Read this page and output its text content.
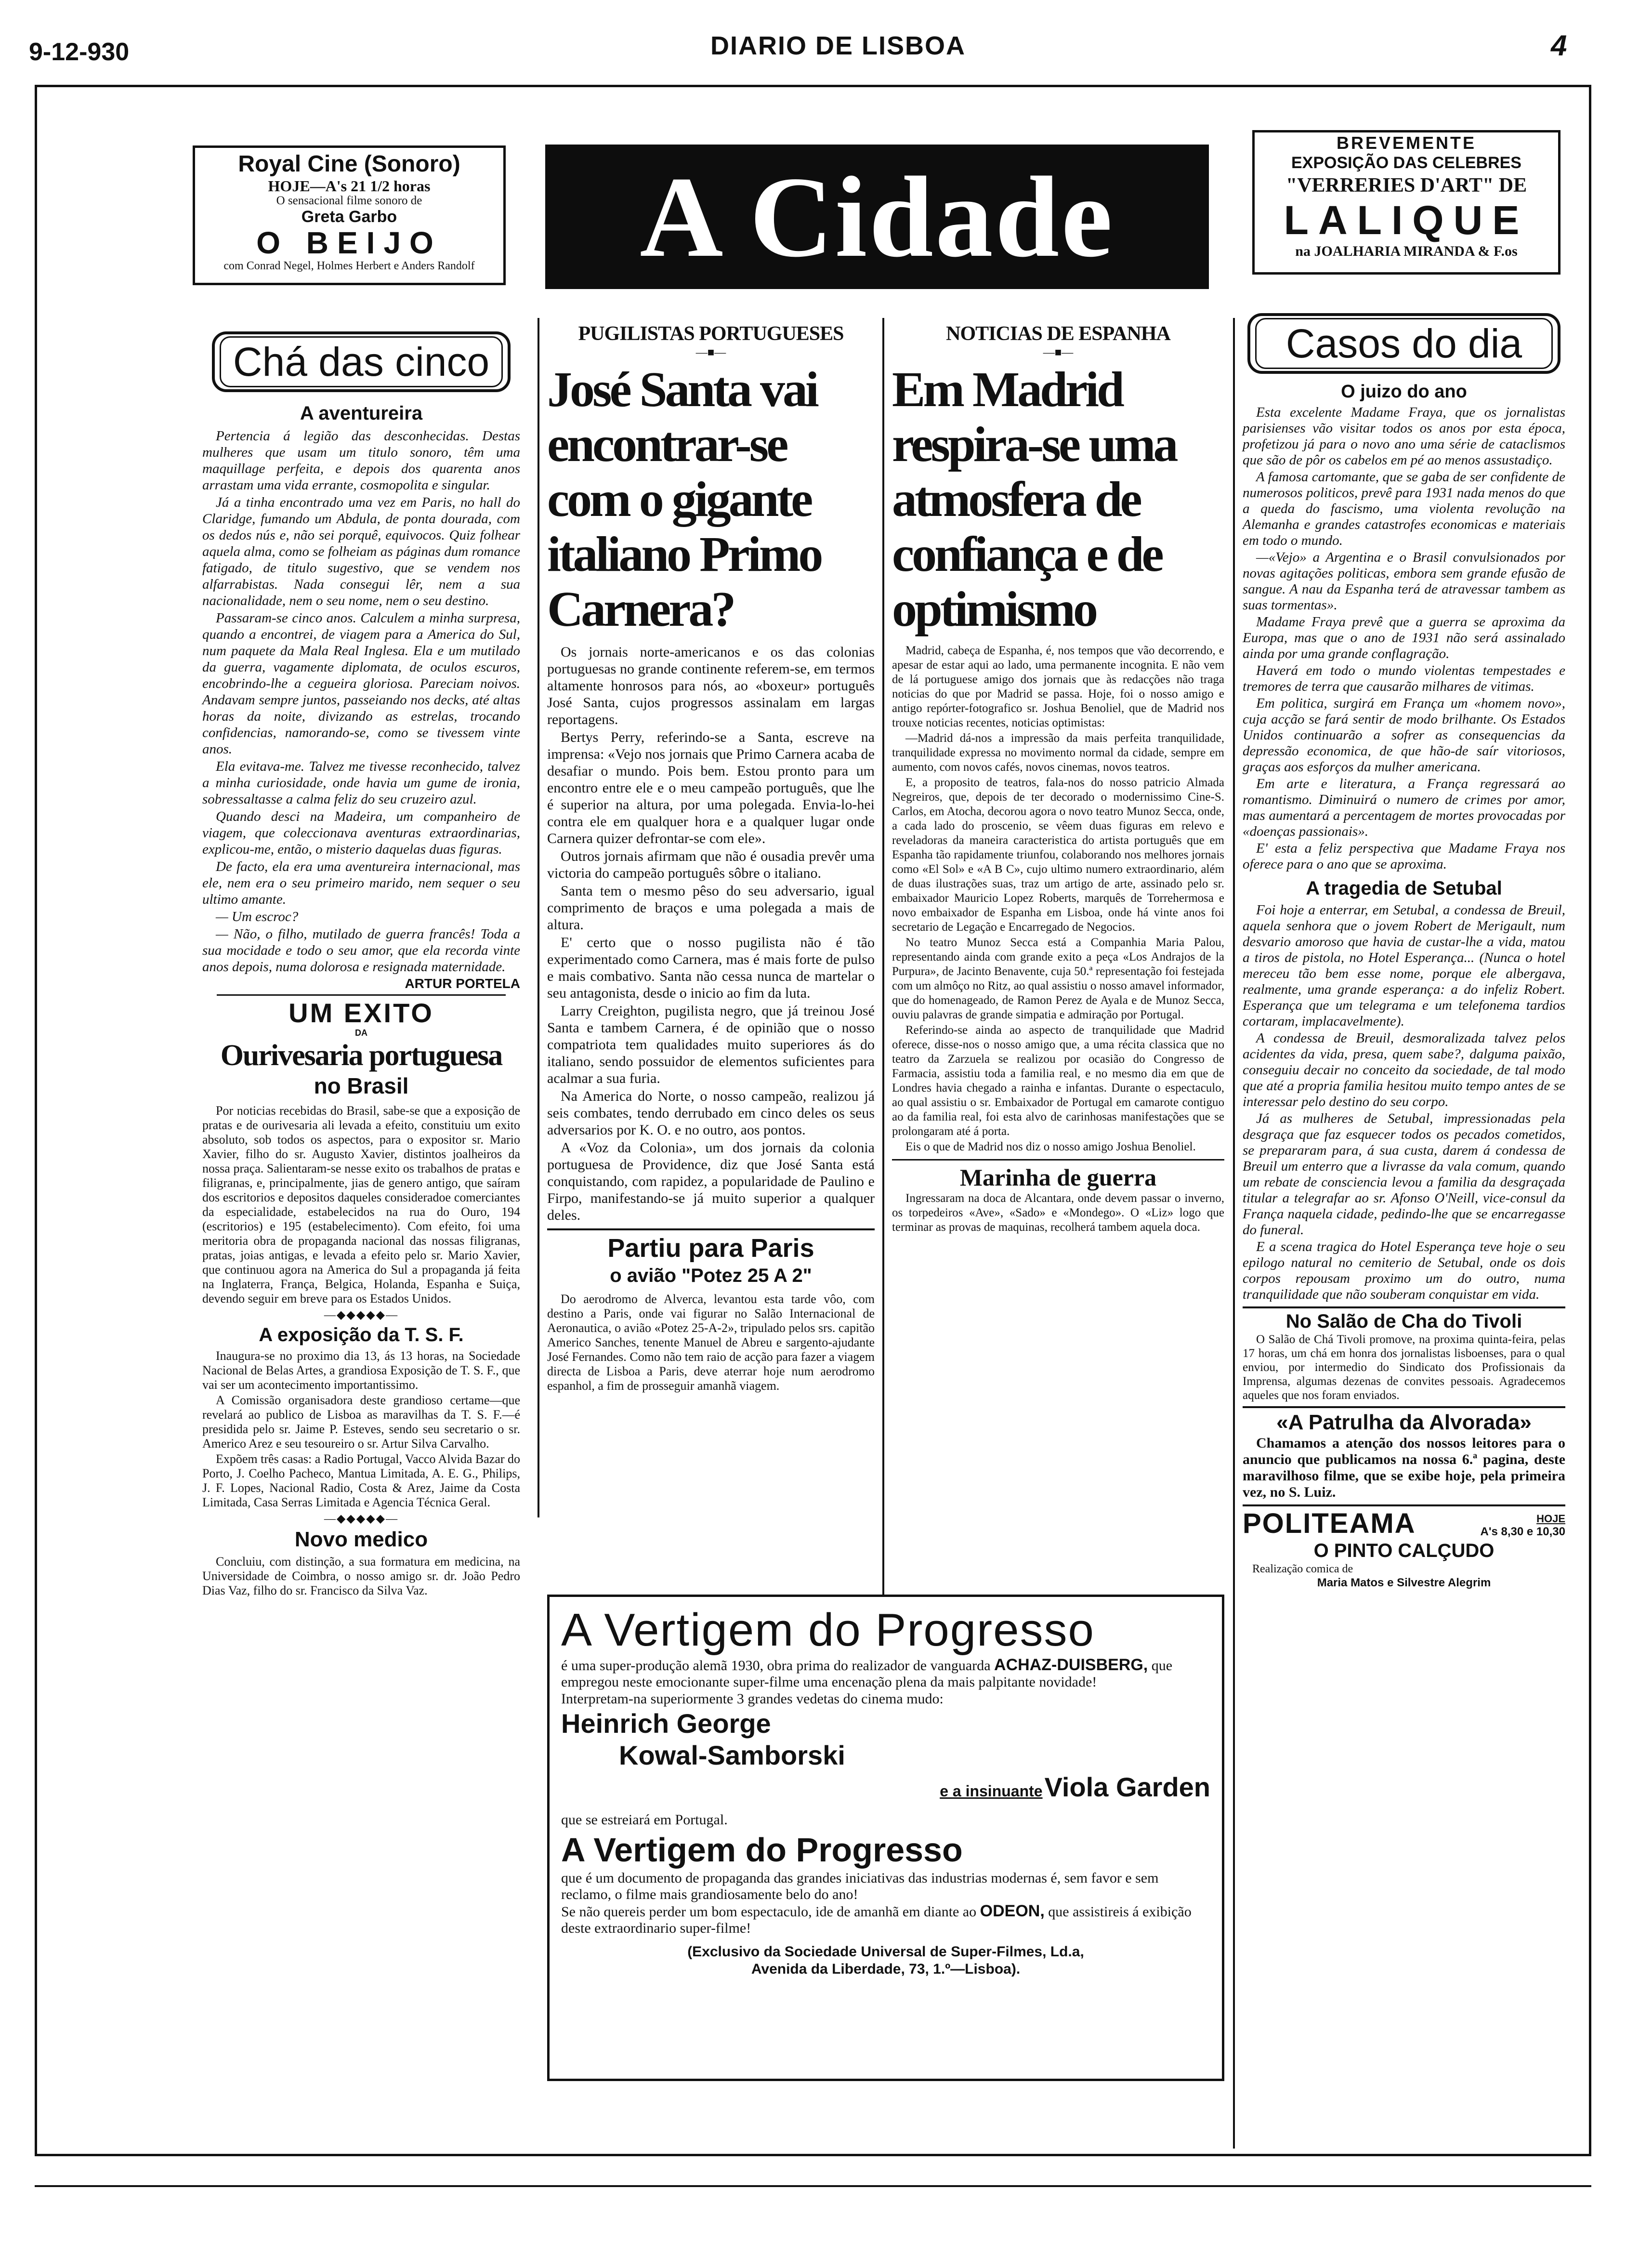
9-12-930	DIARIO DE LISBOA	4
Royal Cine (Sonoro)
HOJE—A's 21 1/2 horas
O sensacional filme sonoro de
Greta Garbo
O BEIJO
com Conrad Negel, Holmes Herbert e Anders Randolf	A Cidade
BREVEMENTE
EXPOSIÇÃO DAS CELEBRES
"VERRERIES D'ART" DE
LALIQUE
na JOALHARIA MIRANDA & F.os
Chá das cinco
A aventureira

Pertencia á legião das desconhecidas. Destas mulheres que usam um titulo sonoro, têm uma maquillage perfeita, e depois dos quarenta anos arrastam uma vida errante, cosmopolita e singular.

Já a tinha encontrado uma vez em Paris, no hall do Claridge, fumando um Abdula, de ponta dourada, com os dedos nús e, não sei porquê, equivocos. Quiz folhear aquela alma, como se folheiam as páginas dum romance fatigado, de titulo sugestivo, que se vendem nos alfarrabistas. Nada consegui lêr, nem a sua nacionalidade, nem o seu nome, nem o seu destino.

Passaram-se cinco anos. Calculem a minha surpresa, quando a encontrei, de viagem para a America do Sul, num paquete da Mala Real Inglesa. Ela e um mutilado da guerra, vagamente diplomata, de oculos escuros, encobrindo-lhe a cegueira gloriosa. Pareciam noivos. Andavam sempre juntos, passeiando nos decks, até altas horas da noite, divizando as estrelas, trocando confidencias, namorando-se, como se tivessem vinte anos.

Ela evitava-me. Talvez me tivesse reconhecido, talvez a minha curiosidade, onde havia um gume de ironia, sobressaltasse a calma feliz do seu cruzeiro azul.

Quando desci na Madeira, um companheiro de viagem, que coleccionava aventuras extraordinarias, explicou-me, então, o misterio daquelas duas figuras.

De facto, ela era uma aventureira internacional, mas ele, nem era o seu primeiro marido, nem sequer o seu ultimo amante.

— Um escroc?

— Não, o filho, mutilado de guerra francês! Toda a sua mocidade e todo o seu amor, que ela recorda vinte anos depois, numa dolorosa e resignada maternidade.

ARTUR PORTELA
UM EXITO
DA
Ourivesaria portuguesa
no Brasil

Por noticias recebidas do Brasil, sabe-se que a exposição de pratas e de ourivesaria ali levada a efeito, constituiu um exito absoluto, sob todos os aspectos, para o expositor sr. Mario Xavier, filho do sr. Augusto Xavier, distintos joalheiros da nossa praça. Salientaram-se nesse exito os trabalhos de pratas e filigranas, e, principalmente, jias de genero antigo, que saíram dos escritorios e depositos daqueles consideradoe comerciantes da especialidade, estabelecidos na rua do Ouro, 194 (escritorios) e 195 (estabelecimento). Com efeito, foi uma meritoria obra de propaganda nacional das nossas filigranas, pratas, joias antigas, e levada a efeito pelo sr. Mario Xavier, que continuou agora na America do Sul a propaganda já feita na Inglaterra, França, Belgica, Holanda, Espanha e Suiça, devendo seguir em breve para os Estados Unidos.

—◆◆◆◆◆—
A exposição da T. S. F.

Inaugura-se no proximo dia 13, ás 13 horas, na Sociedade Nacional de Belas Artes, a grandiosa Exposição de T. S. F., que vai ser um acontecimento importantissimo.

A Comissão organisadora deste grandioso certame—que revelará ao publico de Lisboa as maravilhas da T. S. F.—é presidida pelo sr. Jaime P. Esteves, sendo seu secretario o sr. Americo Arez e seu tesoureiro o sr. Artur Silva Carvalho.

Expõem três casas: a Radio Portugal, Vacco Alvida Bazar do Porto, J. Coelho Pacheco, Mantua Limitada, A. E. G., Philips, J. F. Lopes, Nacional Radio, Costa & Arez, Jaime da Costa Limitada, Casa Serras Limitada e Agencia Técnica Geral.

—◆◆◆◆◆—
Novo medico

Concluiu, com distinção, a sua formatura em medicina, na Universidade de Coimbra, o nosso amigo sr. dr. João Pedro Dias Vaz, filho do sr. Francisco da Silva Vaz.

PUGILISTAS PORTUGUESES
—■—
José Santa vai encontrar-se com o gigante italiano Primo Carnera?

Os jornais norte-americanos e os das colonias portuguesas no grande continente referem-se, em termos altamente honrosos para nós, ao «boxeur» português José Santa, cujos progressos assinalam em largas reportagens.

Bertys Perry, referindo-se a Santa, escreve na imprensa: «Vejo nos jornais que Primo Carnera acaba de desafiar o mundo. Pois bem. Estou pronto para um encontro entre ele e o meu campeão português, que lhe é superior na altura, por uma polegada. Envia-lo-hei contra ele em qualquer hora e a qualquer lugar onde Carnera quizer defrontar-se com ele».

Outros jornais afirmam que não é ousadia prevêr uma victoria do campeão português sôbre o italiano.

Santa tem o mesmo pêso do seu adversario, igual comprimento de braços e uma polegada a mais de altura.

E' certo que o nosso pugilista não é tão experimentado como Carnera, mas é mais forte de pulso e mais combativo. Santa não cessa nunca de martelar o seu antagonista, desde o inicio ao fim da luta.

Larry Creighton, pugilista negro, que já treinou José Santa e tambem Carnera, é de opinião que o nosso compatriota tem qualidades muito superiores ás do italiano, sendo possuidor de elementos suficientes para acalmar a sua furia.

Na America do Norte, o nosso campeão, realizou já seis combates, tendo derrubado em cinco deles os seus adversarios por K. O. e no outro, aos pontos.

A «Voz da Colonia», um dos jornais da colonia portuguesa de Providence, diz que José Santa está conquistando, com rapidez, a popularidade de Paulino e Firpo, manifestando-se já muito superior a qualquer deles.

Partiu para Paris
o avião "Potez 25 A 2"

Do aerodromo de Alverca, levantou esta tarde vôo, com destino a Paris, onde vai figurar no Salão Internacional de Aeronautica, o avião «Potez 25-A-2», tripulado pelos srs. capitão Americo Sanches, tenente Manuel de Abreu e sargento-ajudante José Fernandes. Como não tem raio de acção para fazer a viagem directa de Lisboa a Paris, deve aterrar hoje num aerodromo espanhol, a fim de prosseguir amanhã viagem.

NOTICIAS DE ESPANHA
—■—
Em Madrid respira-se uma atmosfera de confiança e de optimismo

Madrid, cabeça de Espanha, é, nos tempos que vão decorrendo, e apesar de estar aqui ao lado, uma permanente incognita. E não vem de lá portuguese amigo dos jornais que às redacções não traga noticias do que por Madrid se passa. Hoje, foi o nosso amigo e antigo repórter-fotografico sr. Joshua Benoliel, que de Madrid nos trouxe noticias recentes, noticias optimistas:

—Madrid dá-nos a impressão da mais perfeita tranquilidade, tranquilidade expressa no movimento normal da cidade, sempre em aumento, com novos cafés, novos cinemas, novos teatros.

E, a proposito de teatros, fala-nos do nosso patricio Almada Negreiros, que, depois de ter decorado o modernissimo Cine-S. Carlos, em Atocha, decorou agora o novo teatro Munoz Secca, onde, a cada lado do proscenio, se vêem duas figuras em relevo e reveladoras da maneira caracteristica do artista português que em Espanha tão rapidamente triunfou, colaborando nos melhores jornais como «El Sol» e «A B C», cujo ultimo numero extraordinario, além de duas ilustrações suas, traz um artigo de arte, assinado pelo sr. embaixador Mauricio Lopez Roberts, marquês de Torrehermosa e novo embaixador de Espanha em Lisboa, onde há vinte anos foi secretario de Legação e Encarregado de Negocios.

No teatro Munoz Secca está a Companhia Maria Palou, representando ainda com grande exito a peça «Los Andrajos de la Purpura», de Jacinto Benavente, cuja 50.ª representação foi festejada com um almôço no Ritz, ao qual assistiu o nosso amavel informador, que do homenageado, de Ramon Perez de Ayala e de Munoz Secca, ouviu palavras de grande simpatia e admiração por Portugal.

Referindo-se ainda ao aspecto de tranquilidade que Madrid oferece, disse-nos o nosso amigo que, a uma récita classica que no teatro da Zarzuela se realizou por ocasião do Congresso de Farmacia, assistiu toda a familia real, e no mesmo dia em que de Londres havia chegado a rainha e infantas. Durante o espectaculo, ao qual assistiu o sr. Embaixador de Portugal em camarote contiguo ao da familia real, foi esta alvo de carinhosas manifestações que se prolongaram até á porta.

Eis o que de Madrid nos diz o nosso amigo Joshua Benoliel.

Marinha de guerra

Ingressaram na doca de Alcantara, onde devem passar o inverno, os torpedeiros «Ave», «Sado» e «Mondego». O «Liz» logo que terminar as provas de maquinas, recolherá tambem aquela doca.

A Vertigem do Progresso
é uma super-produção alemã 1930, obra prima do realizador de vanguarda ACHAZ-DUISBERG, que empregou neste emocionante super-filme uma encenação plena da mais palpitante novidade!
Interpretam-na superiormente 3 grandes vedetas do cinema mudo:
Heinrich George
Kowal-Samborski
e a insinuante Viola Garden
que se estreiará em Portugal.
A Vertigem do Progresso
que é um documento de propaganda das grandes iniciativas das industrias modernas é, sem favor e sem reclamo, o filme mais grandiosamente belo do ano!
Se não quereis perder um bom espectaculo, ide de amanhã em diante ao ODEON, que assistireis á exibição deste extraordinario super-filme!
(Exclusivo da Sociedade Universal de Super-Filmes, Ld.a,
Avenida da Liberdade, 73, 1.º—Lisboa).
Casos do dia
O juizo do ano

Esta excelente Madame Fraya, que os jornalistas parisienses vão visitar todos os anos por esta época, profetizou já para o novo ano uma série de cataclismos que são de pôr os cabelos em pé ao menos assustadiço.

A famosa cartomante, que se gaba de ser confidente de numerosos politicos, prevê para 1931 nada menos do que a queda do fascismo, uma violenta revolução na Alemanha e grandes catastrofes economicas e materiais em todo o mundo.

—«Vejo» a Argentina e o Brasil convulsionados por novas agitações politicas, embora sem grande efusão de sangue. A nau da Espanha terá de atravessar tambem as suas tormentas».

Madame Fraya prevê que a guerra se aproxima da Europa, mas que o ano de 1931 não será assinalado ainda por uma grande conflagração.

Haverá em todo o mundo violentas tempestades e tremores de terra que causarão milhares de vitimas.

Em politica, surgirá em França um «homem novo», cuja acção se fará sentir de modo brilhante. Os Estados Unidos continuarão a sofrer as consequencias da depressão economica, de que hão-de saír vitoriosos, graças aos esforços da mulher americana.

Em arte e literatura, a França regressará ao romantismo. Diminuirá o numero de crimes por amor, mas aumentará a percentagem de mortes provocadas por «doenças passionais».

E' esta a feliz perspectiva que Madame Fraya nos oferece para o ano que se aproxima.

A tragedia de Setubal

Foi hoje a enterrar, em Setubal, a condessa de Breuil, aquela senhora que o jovem Robert de Merigault, num desvario amoroso que havia de custar-lhe a vida, matou a tiros de pistola, no Hotel Esperança... (Nunca o hotel mereceu tão bem esse nome, porque ele albergava, realmente, uma grande esperança: a do infeliz Robert. Esperança que um telegrama e um telefonema tardios cortaram, implacavelmente).

A condessa de Breuil, desmoralizada talvez pelos acidentes da vida, presa, quem sabe?, dalguma paixão, conseguiu decair no conceito da sociedade, de tal modo que até a propria familia hesitou muito tempo antes de se interessar pelo destino do seu corpo.

Já as mulheres de Setubal, impressionadas pela desgraça que faz esquecer todos os pecados cometidos, se prepararam para, á sua custa, darem á condessa de Breuil um enterro que a livrasse da vala comum, quando um rebate de consciencia levou a familia da desgraçada titular a telegrafar ao sr. Afonso O'Neill, vice-consul da França naquela cidade, pedindo-lhe que se encarregasse do funeral.

E a scena tragica do Hotel Esperança teve hoje o seu epilogo natural no cemiterio de Setubal, onde os dois corpos repousam proximo um do outro, numa tranquilidade que não souberam conquistar em vida.

No Salão de Cha do Tivoli

O Salão de Chá Tivoli promove, na proxima quinta-feira, pelas 17 horas, um chá em honra dos jornalistas lisboenses, para o qual enviou, por intermedio do Sindicato dos Profissionais da Imprensa, algumas dezenas de convites pessoais. Agradecemos aqueles que nos foram enviados.

«A Patrulha da Alvorada»

Chamamos a atenção dos nossos leitores para o anuncio que publicamos na nossa 6.ª pagina, deste maravilhoso filme, que se exibe hoje, pela primeira vez, no S. Luiz.

POLITEAMA	HOJE
A's 8,30 e 10,30
O PINTO CALÇUDO
Realização comica de
Maria Matos e Silvestre Alegrim
